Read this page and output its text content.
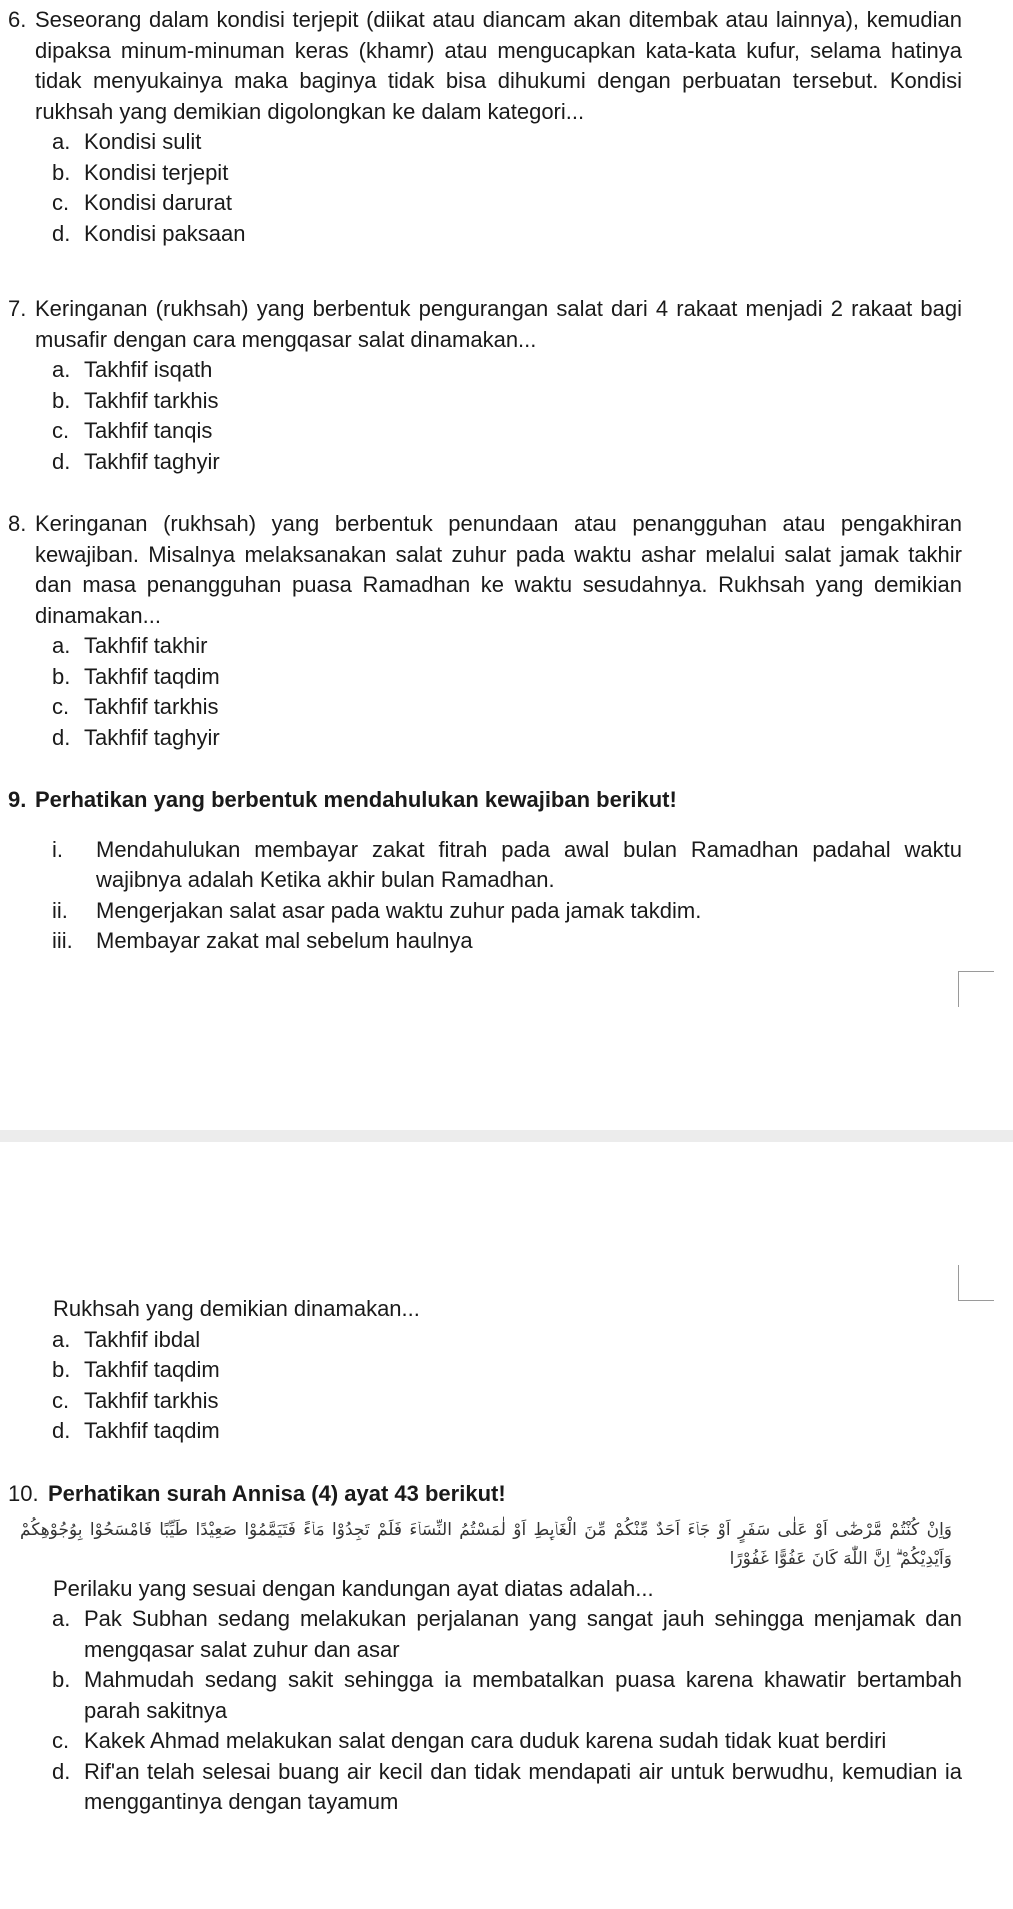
6. Seseorang dalam kondisi terjepit (diikat atau diancam akan ditembak atau lainnya), kemudian dipaksa minum-minuman keras (khamr) atau mengucapkan kata-kata kufur, selama hatinya tidak menyukainya maka baginya tidak bisa dihukumi dengan perbuatan tersebut. Kondisi rukhsah yang demikian digolongkan ke dalam kategori...

a. Kondisi sulit
b. Kondisi terjepit
c. Kondisi darurat
d. Kondisi paksaan
7. Keringanan (rukhsah) yang berbentuk pengurangan salat dari 4 rakaat menjadi 2 rakaat bagi musafir dengan cara mengqasar salat dinamakan...

a. Takhfif isqath
b. Takhfif tarkhis
c. Takhfif tanqis
d. Takhfif taghyir
8. Keringanan (rukhsah) yang berbentuk penundaan atau penangguhan atau pengakhiran kewajiban. Misalnya melaksanakan salat zuhur pada waktu ashar melalui salat jamak takhir dan masa penangguhan puasa Ramadhan ke waktu sesudahnya. Rukhsah yang demikian dinamakan...

a. Takhfif takhir
b. Takhfif taqdim
c. Takhfif tarkhis
d. Takhfif taghyir
9. Perhatikan yang berbentuk mendahulukan kewajiban berikut!

i.	Mendahulukan membayar zakat fitrah pada awal bulan Ramadhan padahal waktu wajibnya adalah Ketika akhir bulan Ramadhan.
ii.	Mengerjakan salat asar pada waktu zuhur pada jamak takdim.
iii.	Membayar zakat mal sebelum haulnya

Rukhsah yang demikian dinamakan...

a. Takhfif ibdal
b. Takhfif taqdim
c. Takhfif tarkhis
d. Takhfif taqdim
10. Perhatikan surah Annisa (4) ayat 43 berikut!

وَاِنْ كُنْتُمْ مَّرْضٰٓى اَوْ عَلٰى سَفَرٍ اَوْ جَاۤءَ اَحَدٌ مِّنْكُمْ مِّنَ الْغَاۤىِٕطِ اَوْ لٰمَسْتُمُ النِّسَاۤءَ فَلَمْ تَجِدُوْا مَاۤءً فَتَيَمَّمُوْا صَعِيْدًا طَيِّبًا فَامْسَحُوْا بِوُجُوْهِكُمْ وَاَيْدِيْكُمْ ۗ اِنَّ اللّٰهَ كَانَ عَفُوًّا غَفُوْرًا

Perilaku yang sesuai dengan kandungan ayat diatas adalah...

a. Pak Subhan sedang melakukan perjalanan yang sangat jauh sehingga menjamak dan mengqasar salat zuhur dan asar
b. Mahmudah sedang sakit sehingga ia membatalkan puasa karena khawatir bertambah parah sakitnya
c. Kakek Ahmad melakukan salat dengan cara duduk karena sudah tidak kuat berdiri
d. Rif'an telah selesai buang air kecil dan tidak mendapati air untuk berwudhu, kemudian ia menggantinya dengan tayamum
